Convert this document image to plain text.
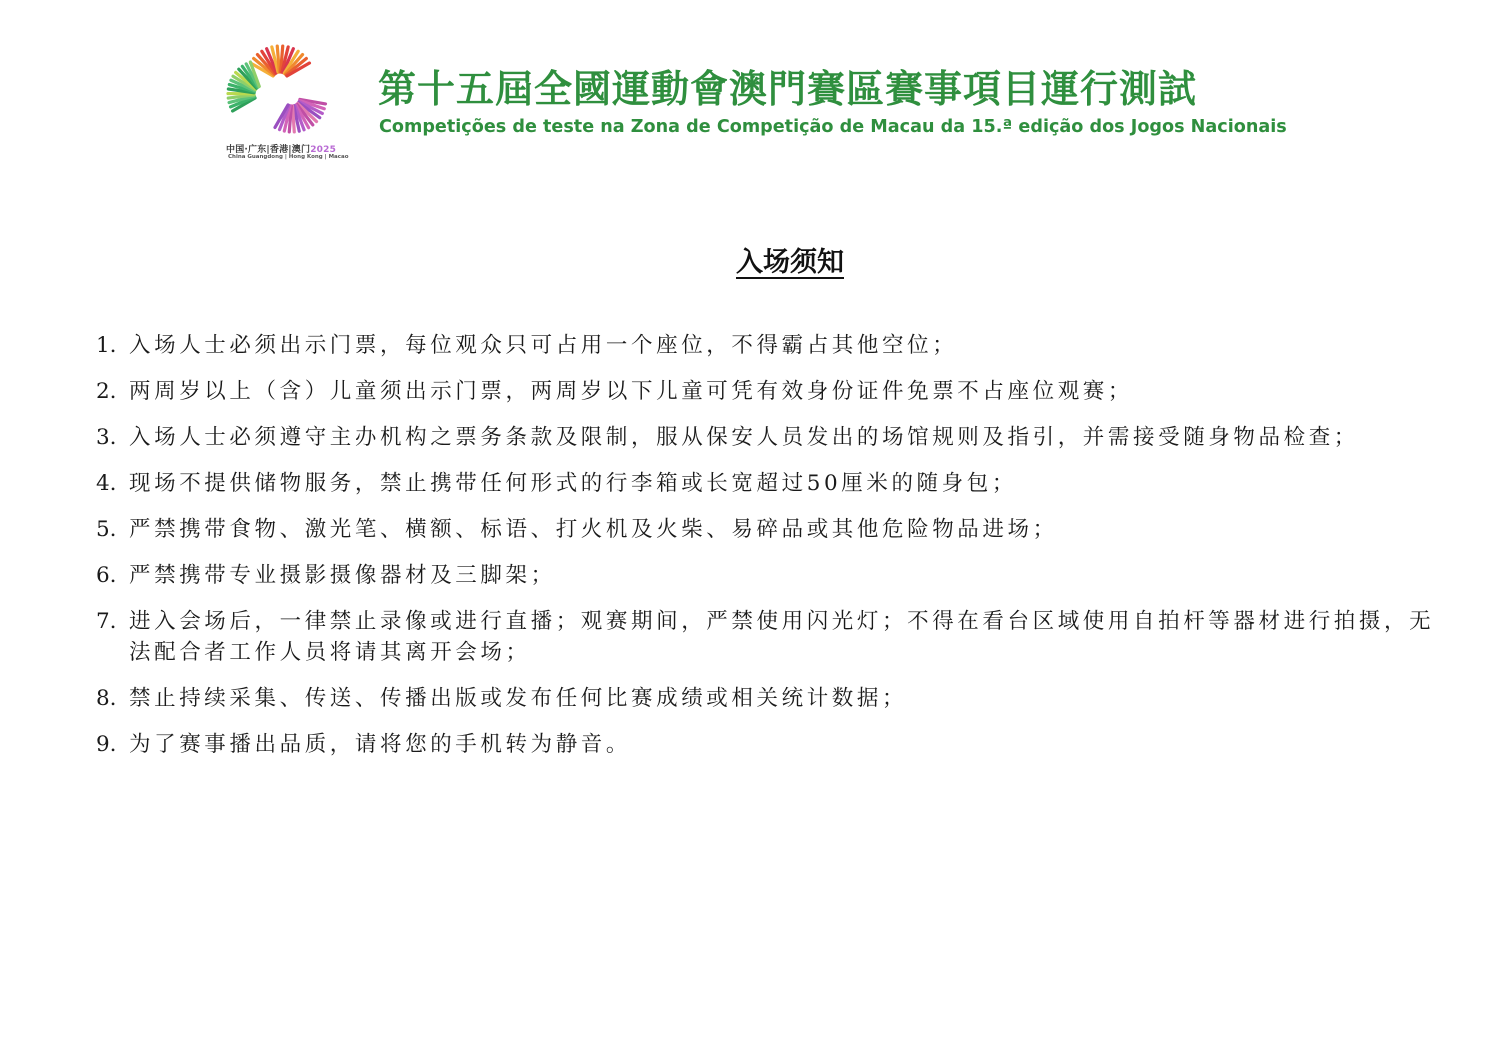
中国·广东|香港|澳门2025
China Guangdong | Hong Kong | Macao
第十五屆全國運動會澳門賽區賽事項目運行測試
Competições de teste na Zona de Competição de Macau da 15.ª edição dos Jogos Nacionais
入场须知
1. 入场人士必须出示门票，每位观众只可占用一个座位，不得霸占其他空位；
2. 两周岁以上（含）儿童须出示门票，两周岁以下儿童可凭有效身份证件免票不占座位观赛；
3. 入场人士必须遵守主办机构之票务条款及限制，服从保安人员发出的场馆规则及指引，并需接受随身物品检查；
4. 现场不提供储物服务，禁止携带任何形式的行李箱或长宽超过50厘米的随身包；
5. 严禁携带食物、激光笔、横额、标语、打火机及火柴、易碎品或其他危险物品进场；
6. 严禁携带专业摄影摄像器材及三脚架；
7. 进入会场后，一律禁止录像或进行直播；观赛期间，严禁使用闪光灯；不得在看台区域使用自拍杆等器材进行拍摄，无法配合者工作人员将请其离开会场；
8. 禁止持续采集、传送、传播出版或发布任何比赛成绩或相关统计数据；
9. 为了赛事播出品质，请将您的手机转为静音。
